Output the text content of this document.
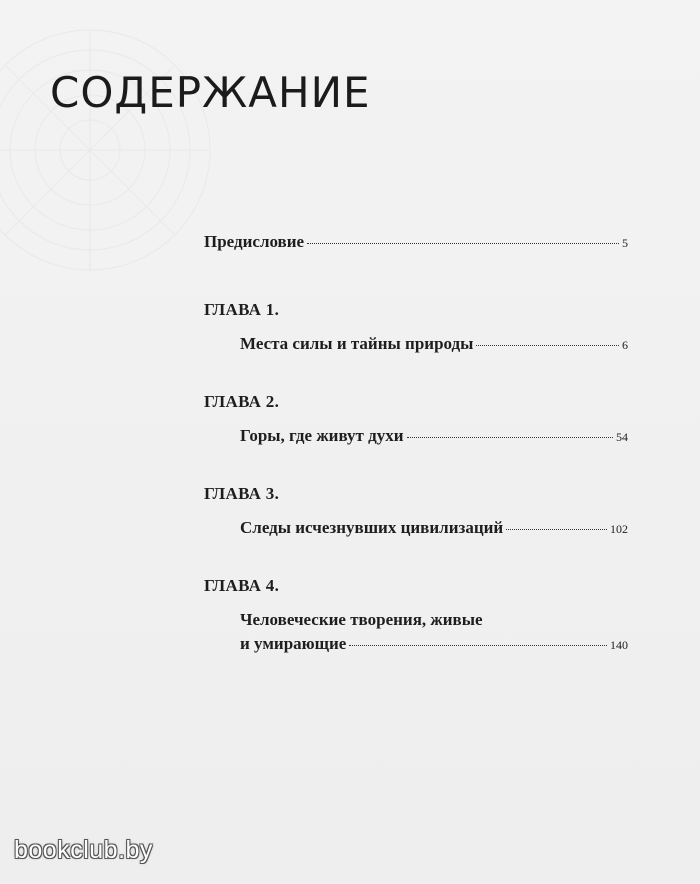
СОДЕРЖАНИЕ
Предисловие	5
ГЛАВА 1.
Места силы и тайны природы	6
ГЛАВА 2.
Горы, где живут духи	54
ГЛАВА 3.
Следы исчезнувших цивилизаций	102
ГЛАВА 4.
Человеческие творения, живые
и умирающие	140
bookclub.by
